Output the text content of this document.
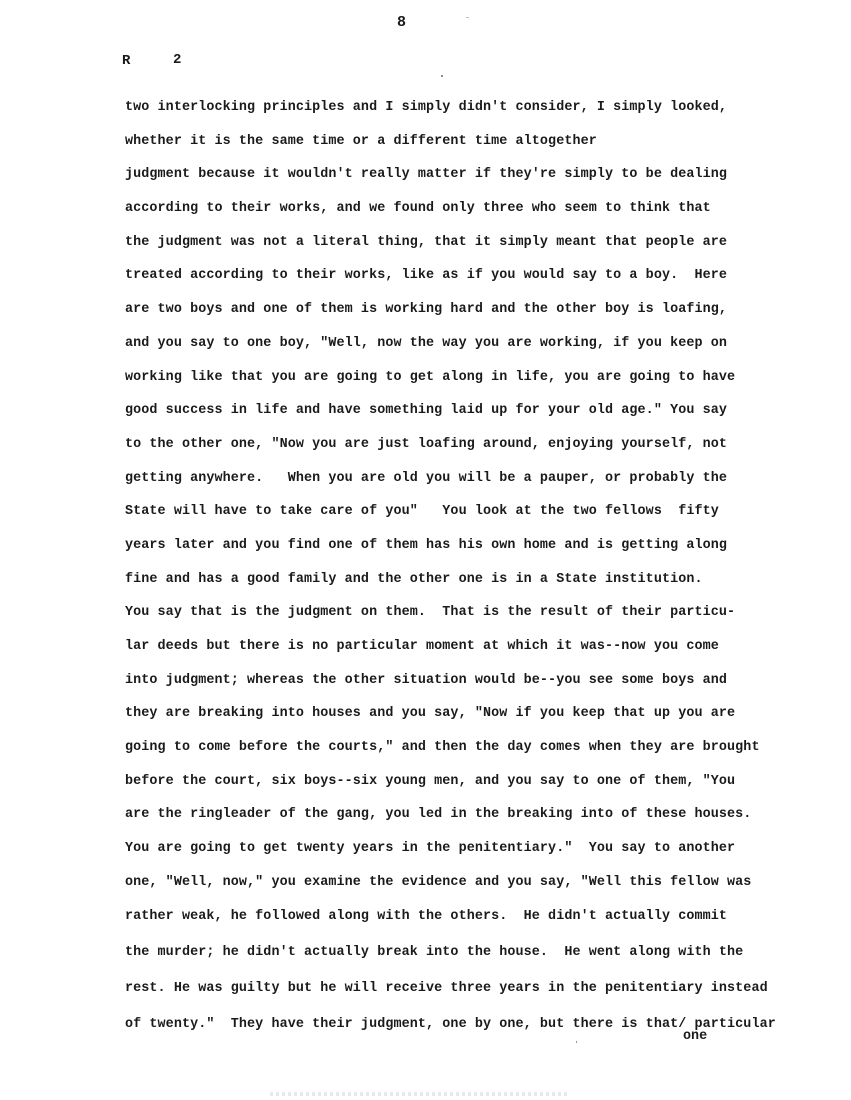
8
R	2
two interlocking principles and I simply didn't consider, I simply looked,
whether it is the same time or a different time altogether
judgment because it wouldn't really matter if they're simply to be dealing
according to their works, and we found only three who seem to think that
the judgment was not a literal thing, that it simply meant that people are
treated according to their works, like as if you would say to a boy.  Here
are two boys and one of them is working hard and the other boy is loafing,
and you say to one boy, "Well, now the way you are working, if you keep on
working like that you are going to get along in life, you are going to have
good success in life and have something laid up for your old age." You say
to the other one, "Now you are just loafing around, enjoying yourself, not
getting anywhere.   When you are old you will be a pauper, or probably the
State will have to take care of you"   You look at the two fellows  fifty
years later and you find one of them has his own home and is getting along
fine and has a good family and the other one is in a State institution.
You say that is the judgment on them.  That is the result of their particu-
lar deeds but there is no particular moment at which it was--now you come
into judgment; whereas the other situation would be--you see some boys and
they are breaking into houses and you say, "Now if you keep that up you are
going to come before the courts," and then the day comes when they are brought
before the court, six boys--six young men, and you say to one of them, "You
are the ringleader of the gang, you led in the breaking into of these houses.
You are going to get twenty years in the penitentiary."  You say to another
one, "Well, now," you examine the evidence and you say, "Well this fellow was
rather weak, he followed along with the others.  He didn't actually commit
the murder; he didn't actually break into the house.  He went along with the
rest. He was guilty but he will receive three years in the penitentiary instead
of twenty."  They have their judgment, one by one, but there is that/ particular
one
